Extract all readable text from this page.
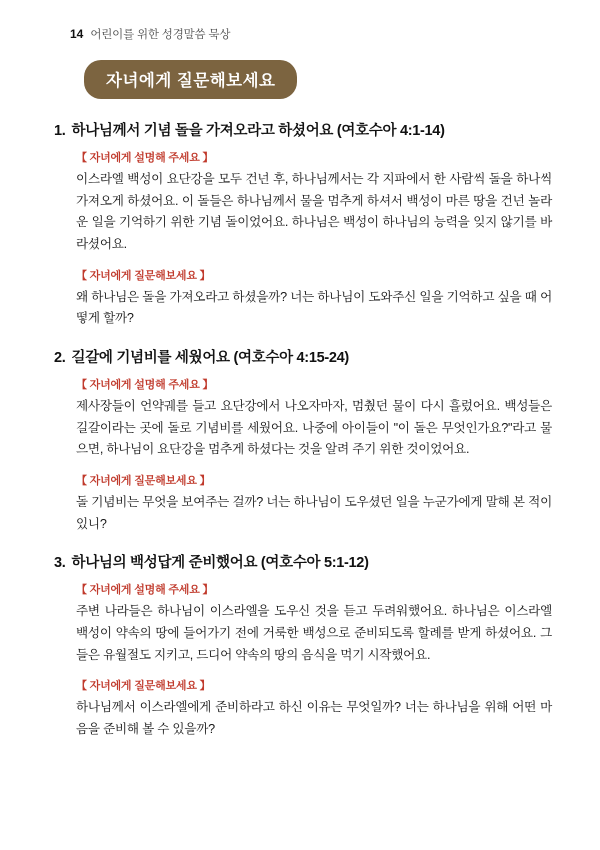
14 어린이를 위한 성경말씀 묵상
자녀에게 질문해보세요
1. 하나님께서 기념 돌을 가져오라고 하셨어요 (여호수아 4:1-14)
【 자녀에게 설명해 주세요 】
이스라엘 백성이 요단강을 모두 건넌 후, 하나님께서는 각 지파에서 한 사람씩 돌을 하나씩 가져오게 하셨어요. 이 돌들은 하나님께서 물을 멈추게 하셔서 백성이 마른 땅을 건넌 놀라운 일을 기억하기 위한 기념 돌이었어요. 하나님은 백성이 하나님의 능력을 잊지 않기를 바라셨어요.
【 자녀에게 질문해보세요 】
왜 하나님은 돌을 가져오라고 하셨을까? 너는 하나님이 도와주신 일을 기억하고 싶을 때 어떻게 할까?
2. 길갈에 기념비를 세웠어요 (여호수아 4:15-24)
【 자녀에게 설명해 주세요 】
제사장들이 언약궤를 들고 요단강에서 나오자마자, 멈췄던 물이 다시 흘렀어요. 백성들은 길갈이라는 곳에 돌로 기념비를 세웠어요. 나중에 아이들이 "이 돌은 무엇인가요?"라고 물으면, 하나님이 요단강을 멈추게 하셨다는 것을 알려 주기 위한 것이었어요.
【 자녀에게 질문해보세요 】
돌 기념비는 무엇을 보여주는 걸까? 너는 하나님이 도우셨던 일을 누군가에게 말해 본 적이 있니?
3. 하나님의 백성답게 준비했어요 (여호수아 5:1-12)
【 자녀에게 설명해 주세요 】
주변 나라들은 하나님이 이스라엘을 도우신 것을 듣고 두려워했어요. 하나님은 이스라엘 백성이 약속의 땅에 들어가기 전에 거룩한 백성으로 준비되도록 할례를 받게 하셨어요. 그들은 유월절도 지키고, 드디어 약속의 땅의 음식을 먹기 시작했어요.
【 자녀에게 질문해보세요 】
하나님께서 이스라엘에게 준비하라고 하신 이유는 무엇일까? 너는 하나님을 위해 어떤 마음을 준비해 볼 수 있을까?
